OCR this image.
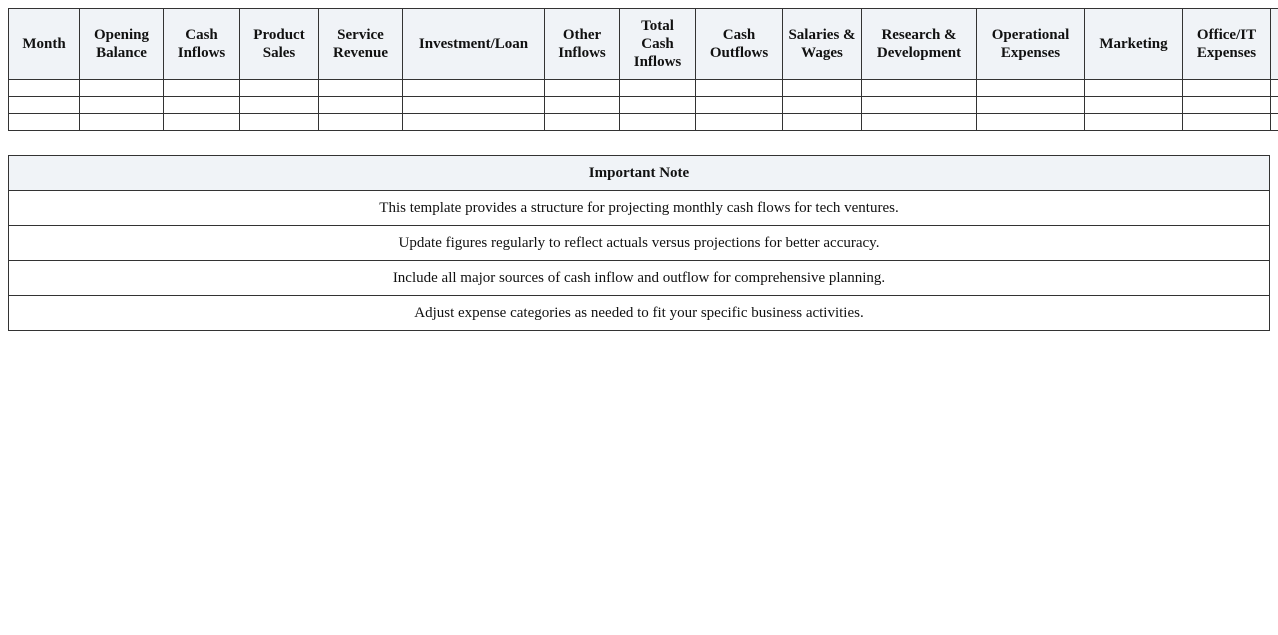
Month	Opening Balance	Cash Inflows	Product Sales	Service Revenue	Investment/Loan	Other Inflows	Total Cash Inflows	Cash Outflows	Salaries & Wages	Research & Development	Operational Expenses	Marketing	Office/IT Expenses	

Important Note
This template provides a structure for projecting monthly cash flows for tech ventures.
Update figures regularly to reflect actuals versus projections for better accuracy.
Include all major sources of cash inflow and outflow for comprehensive planning.
Adjust expense categories as needed to fit your specific business activities.
